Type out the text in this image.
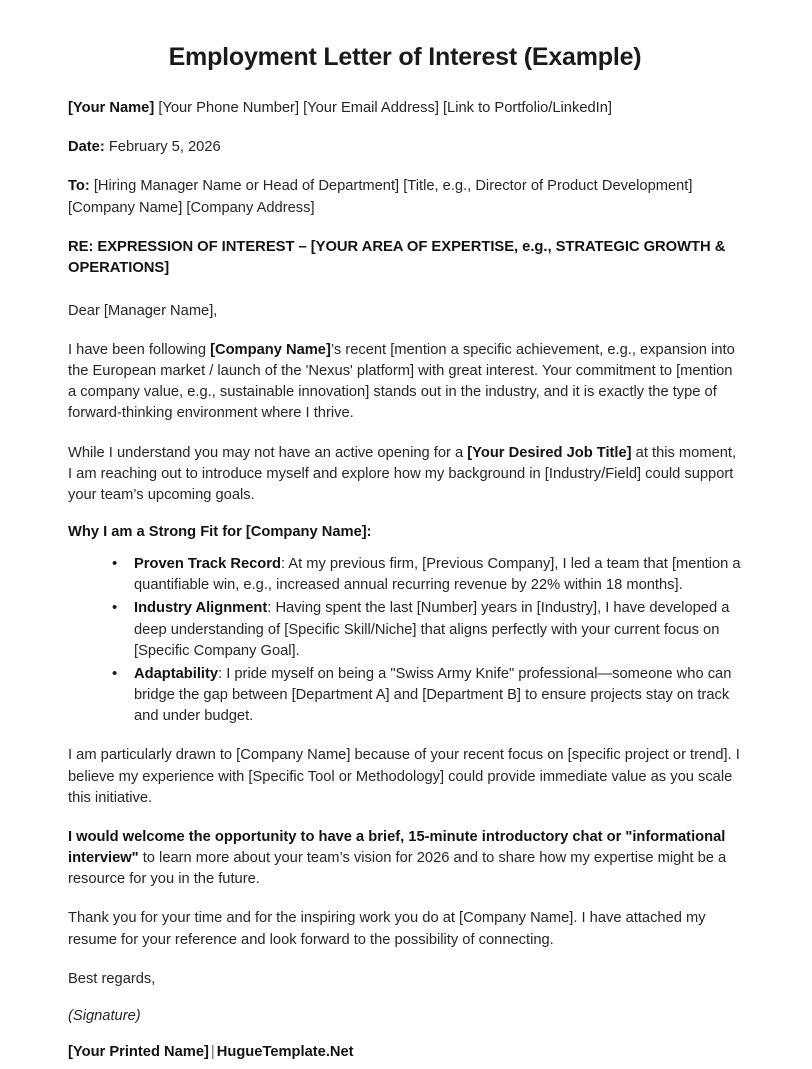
Employment Letter of Interest (Example)

[Your Name] [Your Phone Number] [Your Email Address] [Link to Portfolio/LinkedIn]

Date: February 5, 2026

To: [Hiring Manager Name or Head of Department] [Title, e.g., Director of Product Development]
[Company Name] [Company Address]

RE: EXPRESSION OF INTEREST – [YOUR AREA OF EXPERTISE, e.g., STRATEGIC GROWTH & OPERATIONS]

Dear [Manager Name],

I have been following [Company Name]’s recent [mention a specific achievement, e.g., expansion into the European market / launch of the 'Nexus' platform] with great interest. Your commitment to [mention a company value, e.g., sustainable innovation] stands out in the industry, and it is exactly the type of forward-thinking environment where I thrive.

While I understand you may not have an active opening for a [Your Desired Job Title] at this moment, I am reaching out to introduce myself and explore how my background in [Industry/Field] could support your team’s upcoming goals.

Why I am a Strong Fit for [Company Name]:

• Proven Track Record: At my previous firm, [Previous Company], I led a team that [mention a quantifiable win, e.g., increased annual recurring revenue by 22% within 18 months].
• Industry Alignment: Having spent the last [Number] years in [Industry], I have developed a deep understanding of [Specific Skill/Niche] that aligns perfectly with your current focus on [Specific Company Goal].
• Adaptability: I pride myself on being a "Swiss Army Knife" professional—someone who can bridge the gap between [Department A] and [Department B] to ensure projects stay on track and under budget.

I am particularly drawn to [Company Name] because of your recent focus on [specific project or trend]. I believe my experience with [Specific Tool or Methodology] could provide immediate value as you scale this initiative.

I would welcome the opportunity to have a brief, 15-minute introductory chat or "informational interview" to learn more about your team’s vision for 2026 and to share how my expertise might be a resource for you in the future.

Thank you for your time and for the inspiring work you do at [Company Name]. I have attached my resume for your reference and look forward to the possibility of connecting.

Best regards,

(Signature)

[Your Printed Name] | HugueTemplate.Net
